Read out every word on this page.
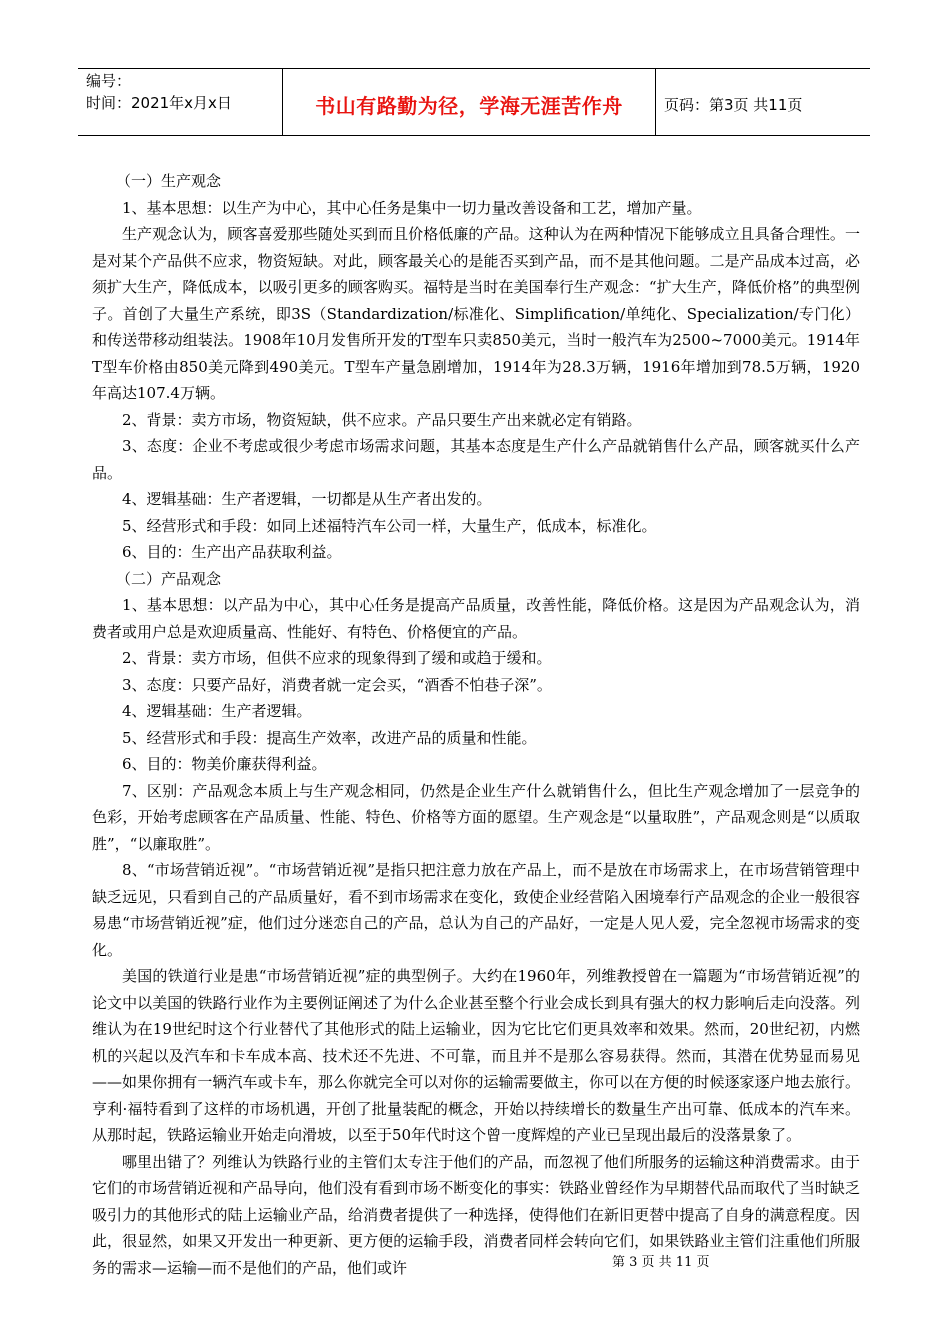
编号：
时间：2021年x月x日	书山有路勤为径，学海无涯苦作舟	页码：第3页 共11页

（一）生产观念

1、基本思想：以生产为中心，其中心任务是集中一切力量改善设备和工艺，增加产量。

生产观念认为，顾客喜爱那些随处买到而且价格低廉的产品。这种认为在两种情况下能够成立且具备合理性。一是对某个产品供不应求，物资短缺。对此，顾客最关心的是能否买到产品，而不是其他问题。二是产品成本过高，必须扩大生产，降低成本，以吸引更多的顾客购买。福特是当时在美国奉行生产观念：“扩大生产，降低价格”的典型例子。首创了大量生产系统，即3S（Standardization/标准化、Simplification/单纯化、Specialization/专门化）和传送带移动组装法。1908年10月发售所开发的T型车只卖850美元，当时一般汽车为2500~7000美元。1914年T型车价格由850美元降到490美元。T型车产量急剧增加，1914年为28.3万辆，1916年增加到78.5万辆，1920年高达107.4万辆。

2、背景：卖方市场，物资短缺，供不应求。产品只要生产出来就必定有销路。

3、态度：企业不考虑或很少考虑市场需求问题，其基本态度是生产什么产品就销售什么产品，顾客就买什么产品。

4、逻辑基础：生产者逻辑，一切都是从生产者出发的。

5、经营形式和手段：如同上述福特汽车公司一样，大量生产，低成本，标准化。

6、目的：生产出产品获取利益。

（二）产品观念

1、基本思想：以产品为中心，其中心任务是提高产品质量，改善性能，降低价格。这是因为产品观念认为，消费者或用户总是欢迎质量高、性能好、有特色、价格便宜的产品。

2、背景：卖方市场，但供不应求的现象得到了缓和或趋于缓和。

3、态度：只要产品好，消费者就一定会买，“酒香不怕巷子深”。

4、逻辑基础：生产者逻辑。

5、经营形式和手段：提高生产效率，改进产品的质量和性能。

6、目的：物美价廉获得利益。

7、区别：产品观念本质上与生产观念相同，仍然是企业生产什么就销售什么，但比生产观念增加了一层竞争的色彩，开始考虑顾客在产品质量、性能、特色、价格等方面的愿望。生产观念是“以量取胜”，产品观念则是“以质取胜”，“以廉取胜”。

8、“市场营销近视”。“市场营销近视”是指只把注意力放在产品上，而不是放在市场需求上，在市场营销管理中缺乏远见，只看到自己的产品质量好，看不到市场需求在变化，致使企业经营陷入困境奉行产品观念的企业一般很容易患“市场营销近视”症，他们过分迷恋自己的产品，总认为自己的产品好，一定是人见人爱，完全忽视市场需求的变化。

美国的铁道行业是患“市场营销近视”症的典型例子。大约在1960年，列维教授曾在一篇题为“市场营销近视”的论文中以美国的铁路行业作为主要例证阐述了为什么企业甚至整个行业会成长到具有强大的权力影响后走向没落。列维认为在19世纪时这个行业替代了其他形式的陆上运输业，因为它比它们更具效率和效果。然而，20世纪初，内燃机的兴起以及汽车和卡车成本高、技术还不先进、不可靠，而且并不是那么容易获得。然而，其潜在优势显而易见——如果你拥有一辆汽车或卡车，那么你就完全可以对你的运输需要做主，你可以在方便的时候逐家逐户地去旅行。亨利·福特看到了这样的市场机遇，开创了批量装配的概念，开始以持续增长的数量生产出可靠、低成本的汽车来。从那时起，铁路运输业开始走向滑坡，以至于50年代时这个曾一度辉煌的产业已呈现出最后的没落景象了。

哪里出错了？列维认为铁路行业的主管们太专注于他们的产品，而忽视了他们所服务的运输这种消费需求。由于它们的市场营销近视和产品导向，他们没有看到市场不断变化的事实：铁路业曾经作为早期替代品而取代了当时缺乏吸引力的其他形式的陆上运输业产品，给消费者提供了一种选择，使得他们在新旧更替中提高了自身的满意程度。因此，很显然，如果又开发出一种更新、更方便的运输手段，消费者同样会转向它们，如果铁路业主管们注重他们所服务的需求—运输—而不是他们的产品，他们或许	第 3 页 共 11 页
